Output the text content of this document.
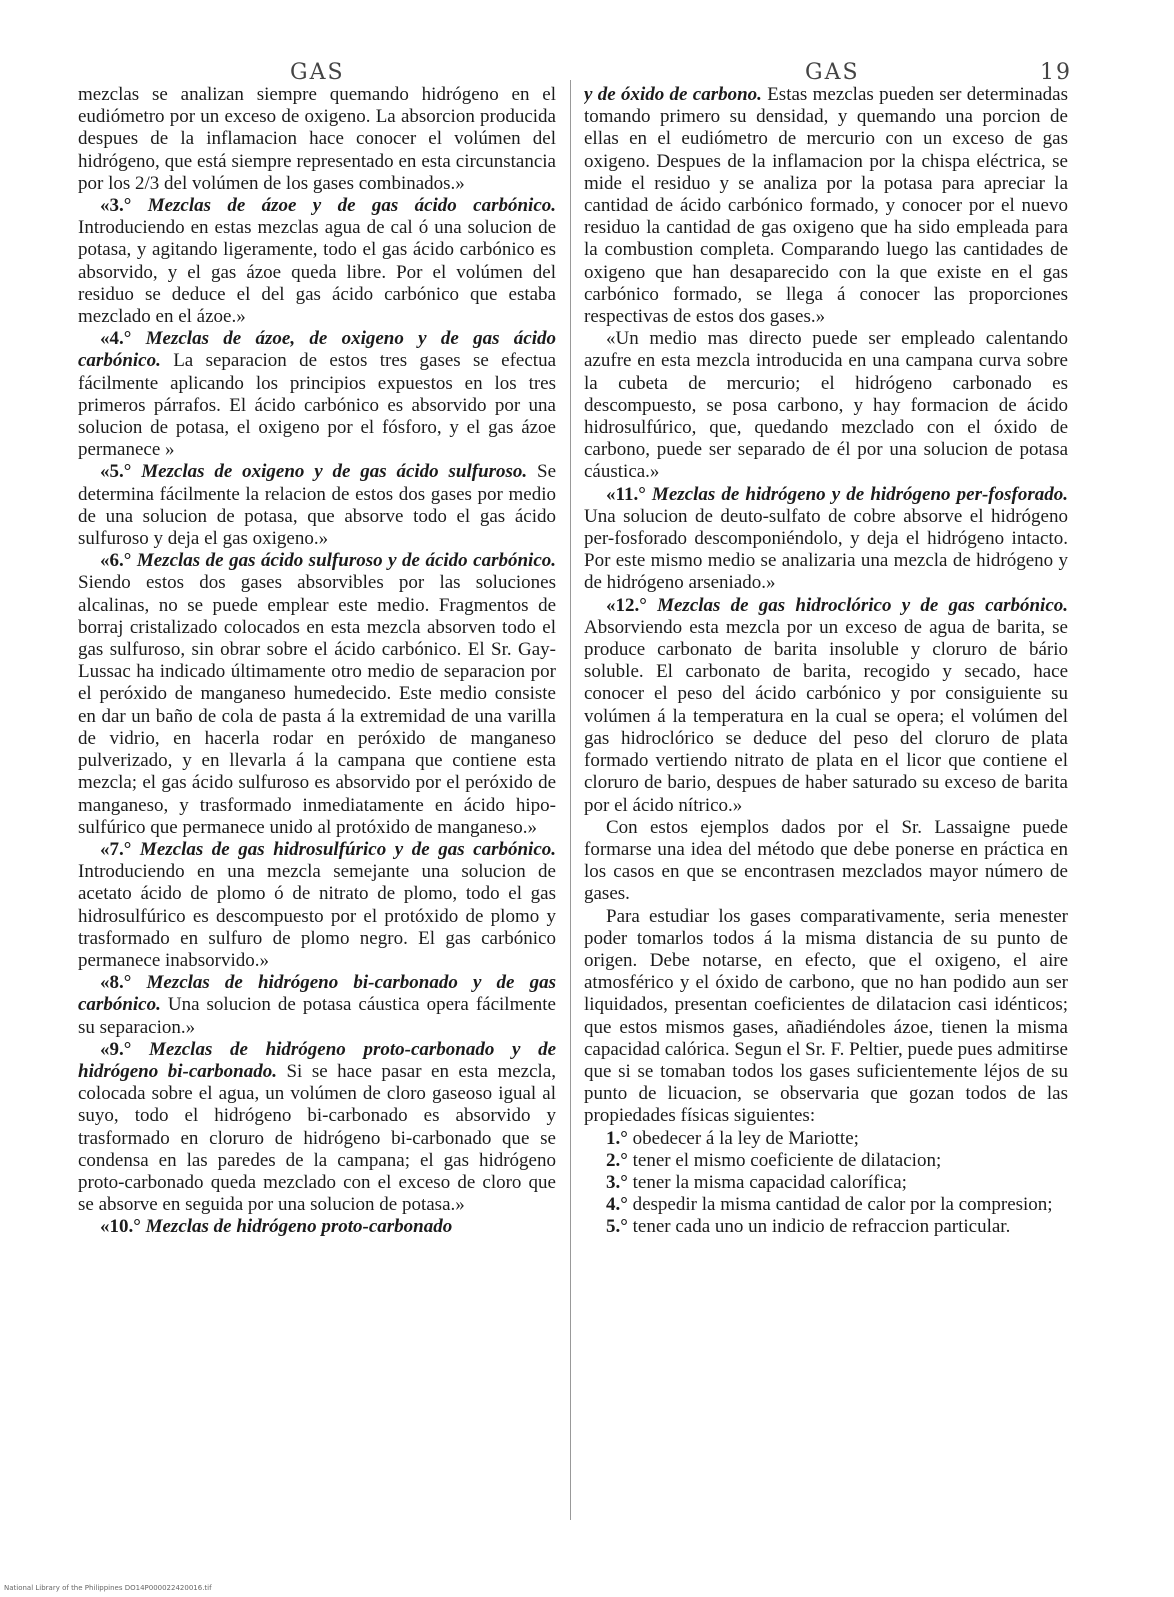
GAS	GAS	19

mezclas se analizan siempre quemando hidrógeno en el eudiómetro por un exceso de oxigeno. La absorcion producida despues de la inflamacion hace conocer el volúmen del hidrógeno, que está siempre representado en esta circunstancia por los 2/3 del volúmen de los gases combinados.»

«3.° Mezclas de ázoe y de gas ácido carbónico. Introduciendo en estas mezclas agua de cal ó una solucion de potasa, y agitando ligeramente, todo el gas ácido carbónico es absorvido, y el gas ázoe queda libre. Por el volúmen del residuo se deduce el del gas ácido carbónico que estaba mezclado en el ázoe.»

«4.° Mezclas de ázoe, de oxigeno y de gas ácido carbónico. La separacion de estos tres gases se efectua fácilmente aplicando los principios expuestos en los tres primeros párrafos. El ácido carbónico es absorvido por una solucion de potasa, el oxigeno por el fósforo, y el gas ázoe permanece »

«5.° Mezclas de oxigeno y de gas ácido sulfuroso. Se determina fácilmente la relacion de estos dos gases por medio de una solucion de potasa, que absorve todo el gas ácido sulfuroso y deja el gas oxigeno.»

«6.° Mezclas de gas ácido sulfuroso y de ácido carbónico. Siendo estos dos gases absorvibles por las soluciones alcalinas, no se puede emplear este medio. Fragmentos de borraj cristalizado colocados en esta mezcla absorven todo el gas sulfuroso, sin obrar sobre el ácido carbónico. El Sr. Gay-Lussac ha indicado últimamente otro medio de separacion por el peróxido de manganeso humedecido. Este medio consiste en dar un baño de cola de pasta á la extremidad de una varilla de vidrio, en hacerla rodar en peróxido de manganeso pulverizado, y en llevarla á la campana que contiene esta mezcla; el gas ácido sulfuroso es absorvido por el peróxido de manganeso, y trasformado inmediatamente en ácido hipo-sulfúrico que permanece unido al protóxido de manganeso.»

«7.° Mezclas de gas hidrosulfúrico y de gas carbónico. Introduciendo en una mezcla semejante una solucion de acetato ácido de plomo ó de nitrato de plomo, todo el gas hidrosulfúrico es descompuesto por el protóxido de plomo y trasformado en sulfuro de plomo negro. El gas carbónico permanece inabsorvido.»

«8.° Mezclas de hidrógeno bi-carbonado y de gas carbónico. Una solucion de potasa cáustica opera fácilmente su separacion.»

«9.° Mezclas de hidrógeno proto-carbonado y de hidrógeno bi-carbonado. Si se hace pasar en esta mezcla, colocada sobre el agua, un volúmen de cloro gaseoso igual al suyo, todo el hidrógeno bi-carbonado es absorvido y trasformado en cloruro de hidrógeno bi-carbonado que se condensa en las paredes de la campana; el gas hidrógeno proto-carbonado queda mezclado con el exceso de cloro que se absorve en seguida por una solucion de potasa.»

«10.° Mezclas de hidrógeno proto-carbonado

y de óxido de carbono. Estas mezclas pueden ser determinadas tomando primero su densidad, y quemando una porcion de ellas en el eudiómetro de mercurio con un exceso de gas oxigeno. Despues de la inflamacion por la chispa eléctrica, se mide el residuo y se analiza por la potasa para apreciar la cantidad de ácido carbónico formado, y conocer por el nuevo residuo la cantidad de gas oxigeno que ha sido empleada para la combustion completa. Comparando luego las cantidades de oxigeno que han desaparecido con la que existe en el gas carbónico formado, se llega á conocer las proporciones respectivas de estos dos gases.»

«Un medio mas directo puede ser empleado calentando azufre en esta mezcla introducida en una campana curva sobre la cubeta de mercurio; el hidrógeno carbonado es descompuesto, se posa carbono, y hay formacion de ácido hidrosulfúrico, que, quedando mezclado con el óxido de carbono, puede ser separado de él por una solucion de potasa cáustica.»

«11.° Mezclas de hidrógeno y de hidrógeno per-fosforado. Una solucion de deuto-sulfato de cobre absorve el hidrógeno per-fosforado descomponiéndolo, y deja el hidrógeno intacto. Por este mismo medio se analizaria una mezcla de hidrógeno y de hidrógeno arseniado.»

«12.° Mezclas de gas hidroclórico y de gas carbónico. Absorviendo esta mezcla por un exceso de agua de barita, se produce carbonato de barita insoluble y cloruro de bário soluble. El carbonato de barita, recogido y secado, hace conocer el peso del ácido carbónico y por consiguiente su volúmen á la temperatura en la cual se opera; el volúmen del gas hidroclórico se deduce del peso del cloruro de plata formado vertiendo nitrato de plata en el licor que contiene el cloruro de bario, despues de haber saturado su exceso de barita por el ácido nítrico.»

Con estos ejemplos dados por el Sr. Lassaigne puede formarse una idea del método que debe ponerse en práctica en los casos en que se encontrasen mezclados mayor número de gases.

Para estudiar los gases comparativamente, seria menester poder tomarlos todos á la misma distancia de su punto de origen. Debe notarse, en efecto, que el oxigeno, el aire atmosférico y el óxido de carbono, que no han podido aun ser liquidados, presentan coeficientes de dilatacion casi idénticos; que estos mismos gases, añadiéndoles ázoe, tienen la misma capacidad calórica. Segun el Sr. F. Peltier, puede pues admitirse que si se tomaban todos los gases suficientemente léjos de su punto de licuacion, se observaria que gozan todos de las propiedades físicas siguientes:

1.° obedecer á la ley de Mariotte;

2.° tener el mismo coeficiente de dilatacion;

3.° tener la misma capacidad calorífica;

4.° despedir la misma cantidad de calor por la compresion;

5.° tener cada uno un indicio de refraccion particular.

National Library of the Philippines DO14P000022420016.tif
